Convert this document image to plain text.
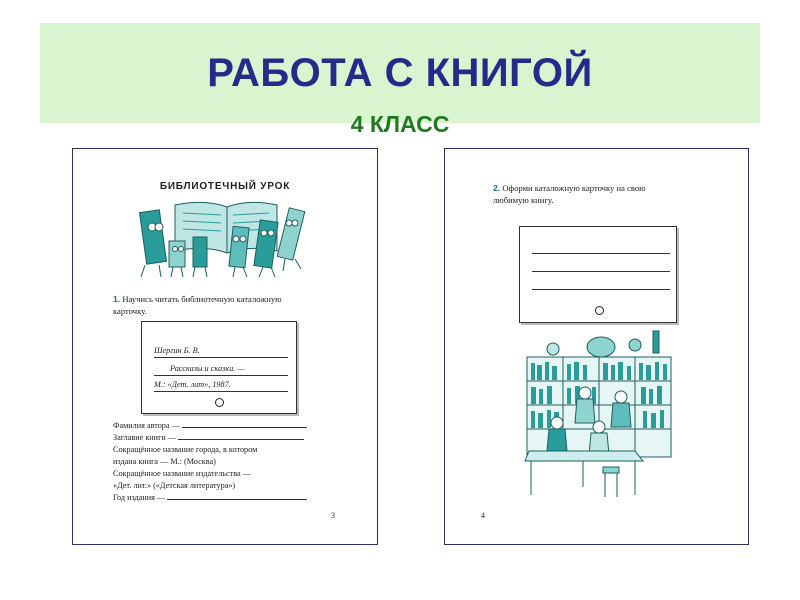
РАБОТА С КНИГОЙ
4 КЛАСС
БИБЛИОТЕЧНЫЙ УРОК
1. Научись читать библиотечную каталожную
карточку.
Шергин Б. В.
Рассказы и сказки. —
М.: «Дет. лит», 1987.
Фамилия автора —
Заглавие книги —
Сокращённое название города, в котором
издана книга — М.: (Москва)
Сокращённое название издательства —
«Дет. лит.» («Детская литература»)
Год издания —
3
2. Оформи каталожную карточку на свою
любимую книгу.
4
